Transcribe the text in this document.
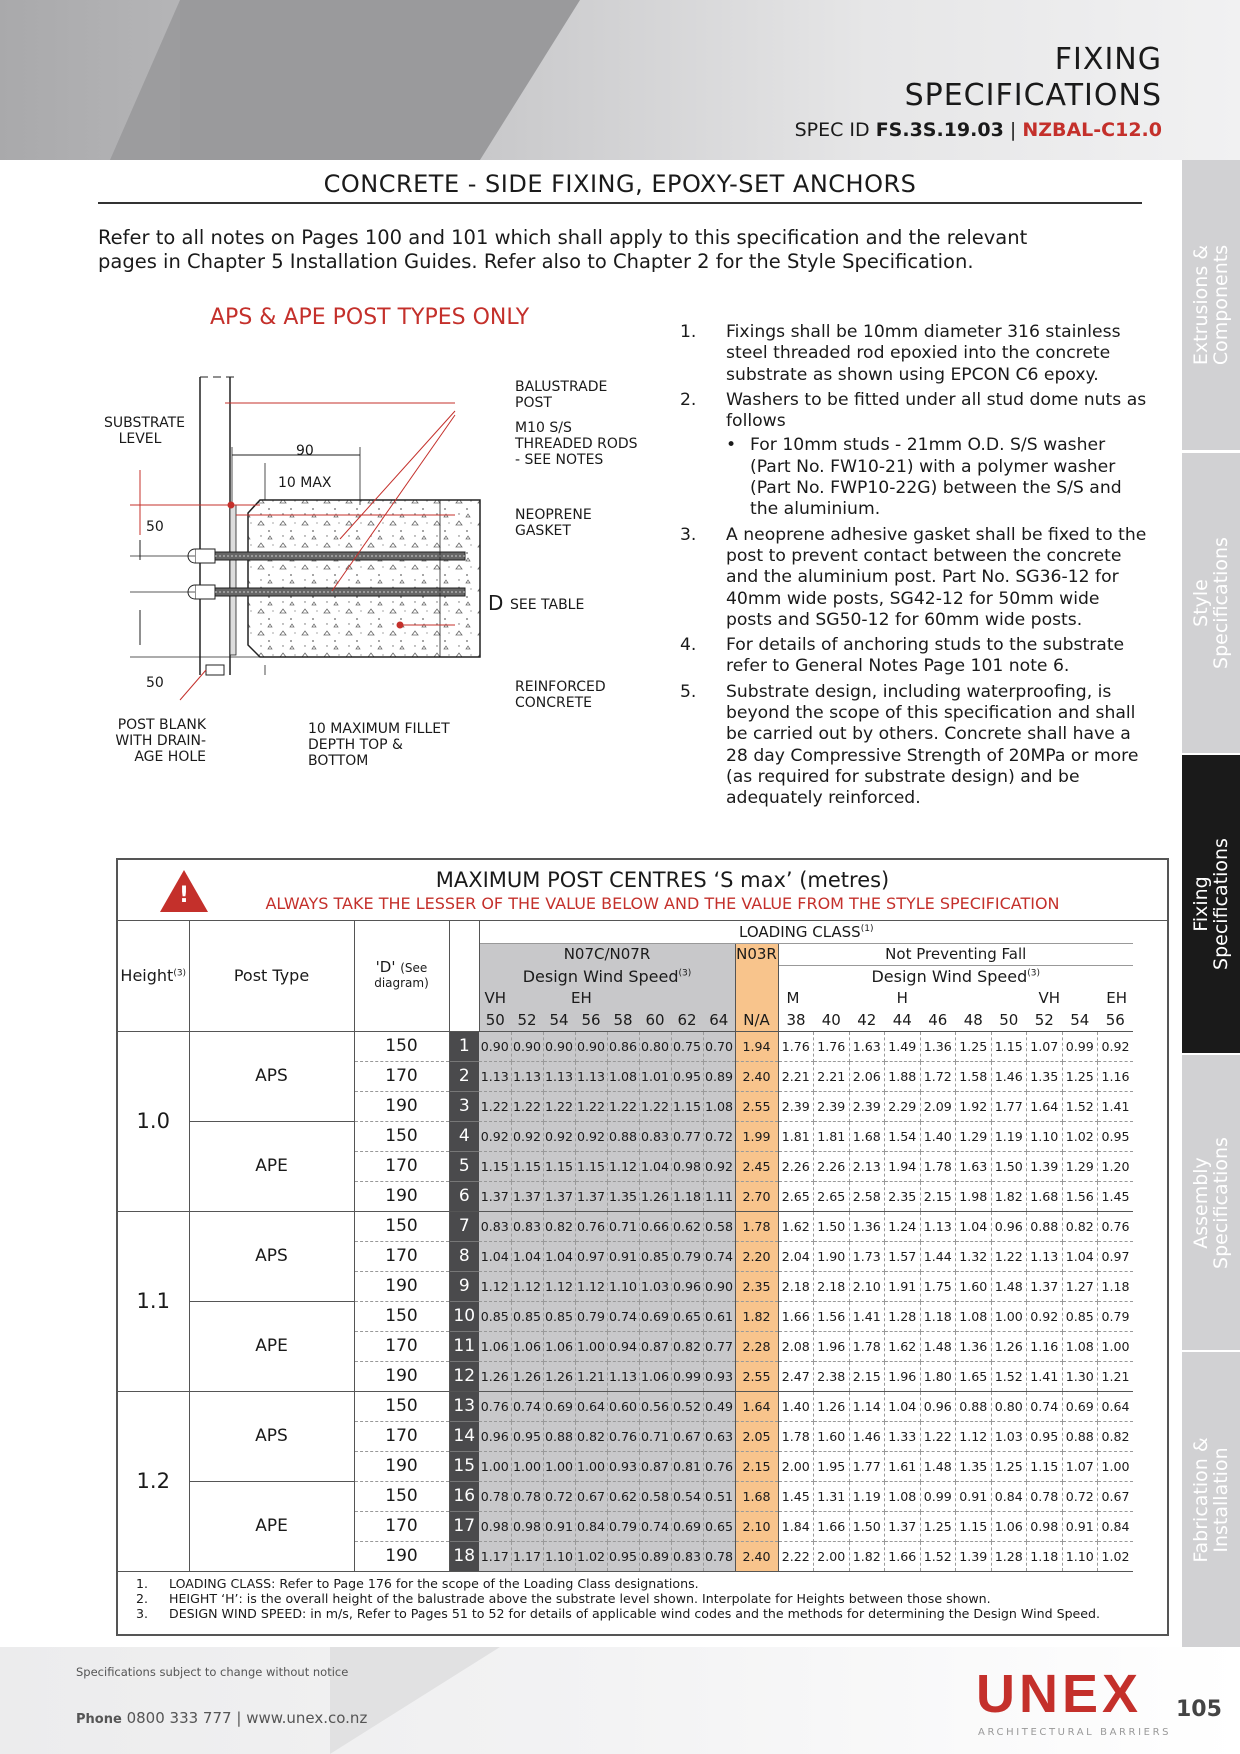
FIXING
SPECIFICATIONS
SPEC ID FS.3S.19.03 | NZBAL-C12.0
Extrusions &
Components
Style
Specifications
Fixing
Specifications
Assembly
Specifications
Fabrication &
Installation
CONCRETE - SIDE FIXING, EPOXY-SET ANCHORS
Refer to all notes on Pages 100 and 101 which shall apply to this specification and the relevant
pages in Chapter 5 Installation Guides. Refer also to Chapter 2 for the Style Specification.
APS & APE POST TYPES ONLY
SUBSTRATE
LEVEL
90
10 MAX
50
50
BALUSTRADE
POST
M10 S/S
THREADED RODS
- SEE NOTES
NEOPRENE
GASKET
D SEE TABLE
REINFORCED
CONCRETE
POST BLANK
WITH DRAIN-
AGE HOLE
10 MAXIMUM FILLET
DEPTH TOP &
BOTTOM
1. Fixings shall be 10mm diameter 316 stainless steel threaded rod epoxied into the concrete substrate as shown using EPCON C6 epoxy.
2. Washers to be fitted under all stud dome nuts as follows
• For 10mm studs - 21mm O.D. S/S washer (Part No. FW10-21) with a polymer washer (Part No. FWP10-22G) between the S/S and the aluminium.
3. A neoprene adhesive gasket shall be fixed to the post to prevent contact between the concrete and the aluminium post. Part No. SG36-12 for 40mm wide posts, SG42-12 for 50mm wide posts and SG50-12 for 60mm wide posts.
4. For details of anchoring studs to the substrate refer to General Notes Page 101 note 6.
5. Substrate design, including waterproofing, is beyond the scope of this specification and shall be carried out by others. Concrete shall have a 28 day Compressive Strength of 20MPa or more (as required for substrate design) and be adequately reinforced.
!
MAXIMUM POST CENTRES ‘S max’ (metres)
ALWAYS TAKE THE LESSER OF THE VALUE BELOW AND THE VALUE FROM THE STYLE SPECIFICATION
Height$^{(3)}$	Post Type	'D' (See
diagram)		LOADING CLASS$^{(1)}$
				N07C/N07R								N03R	Not Preventing Fall									
				Design Wind Speed$^{(3)}$									Design Wind Speed$^{(3)}$
				VH	EH								M		H			VH			EH	
				50	52	54	56	58	60	62	64	N/A	38	40	42	44	46	48	50	52	54	56
1.0	APS	150	1	0.90	0.90	0.90	0.90	0.86	0.80	0.75	0.70	1.94	1.76	1.76	1.63	1.49	1.36	1.25	1.15	1.07	0.99	0.92
		170	2	1.13	1.13	1.13	1.13	1.08	1.01	0.95	0.89	2.40	2.21	2.21	2.06	1.88	1.72	1.58	1.46	1.35	1.25	1.16
		190	3	1.22	1.22	1.22	1.22	1.22	1.22	1.15	1.08	2.55	2.39	2.39	2.39	2.29	2.09	1.92	1.77	1.64	1.52	1.41
	APE	150	4	0.92	0.92	0.92	0.92	0.88	0.83	0.77	0.72	1.99	1.81	1.81	1.68	1.54	1.40	1.29	1.19	1.10	1.02	0.95
		170	5	1.15	1.15	1.15	1.15	1.12	1.04	0.98	0.92	2.45	2.26	2.26	2.13	1.94	1.78	1.63	1.50	1.39	1.29	1.20
		190	6	1.37	1.37	1.37	1.37	1.35	1.26	1.18	1.11	2.70	2.65	2.65	2.58	2.35	2.15	1.98	1.82	1.68	1.56	1.45
1.1	APS	150	7	0.83	0.83	0.82	0.76	0.71	0.66	0.62	0.58	1.78	1.62	1.50	1.36	1.24	1.13	1.04	0.96	0.88	0.82	0.76
		170	8	1.04	1.04	1.04	0.97	0.91	0.85	0.79	0.74	2.20	2.04	1.90	1.73	1.57	1.44	1.32	1.22	1.13	1.04	0.97
		190	9	1.12	1.12	1.12	1.12	1.10	1.03	0.96	0.90	2.35	2.18	2.18	2.10	1.91	1.75	1.60	1.48	1.37	1.27	1.18
	APE	150	10	0.85	0.85	0.85	0.79	0.74	0.69	0.65	0.61	1.82	1.66	1.56	1.41	1.28	1.18	1.08	1.00	0.92	0.85	0.79
		170	11	1.06	1.06	1.06	1.00	0.94	0.87	0.82	0.77	2.28	2.08	1.96	1.78	1.62	1.48	1.36	1.26	1.16	1.08	1.00
		190	12	1.26	1.26	1.26	1.21	1.13	1.06	0.99	0.93	2.55	2.47	2.38	2.15	1.96	1.80	1.65	1.52	1.41	1.30	1.21
1.2	APS	150	13	0.76	0.74	0.69	0.64	0.60	0.56	0.52	0.49	1.64	1.40	1.26	1.14	1.04	0.96	0.88	0.80	0.74	0.69	0.64
		170	14	0.96	0.95	0.88	0.82	0.76	0.71	0.67	0.63	2.05	1.78	1.60	1.46	1.33	1.22	1.12	1.03	0.95	0.88	0.82
		190	15	1.00	1.00	1.00	1.00	0.93	0.87	0.81	0.76	2.15	2.00	1.95	1.77	1.61	1.48	1.35	1.25	1.15	1.07	1.00
	APE	150	16	0.78	0.78	0.72	0.67	0.62	0.58	0.54	0.51	1.68	1.45	1.31	1.19	1.08	0.99	0.91	0.84	0.78	0.72	0.67
		170	17	0.98	0.98	0.91	0.84	0.79	0.74	0.69	0.65	2.10	1.84	1.66	1.50	1.37	1.25	1.15	1.06	0.98	0.91	0.84
		190	18	1.17	1.17	1.10	1.02	0.95	0.89	0.83	0.78	2.40	2.22	2.00	1.82	1.66	1.52	1.39	1.28	1.18	1.10	1.02
1. LOADING CLASS: Refer to Page 176 for the scope of the Loading Class designations.
2. HEIGHT ‘H’: is the overall height of the balustrade above the substrate level shown. Interpolate for Heights between those shown.
3. DESIGN WIND SPEED: in m/s, Refer to Pages 51 to 52 for details of applicable wind codes and the methods for determining the Design Wind Speed.
Specifications subject to change without notice
Phone 0800 333 777 | www.unex.co.nz	UNEX
ARCHITECTURAL BARRIERS
105
